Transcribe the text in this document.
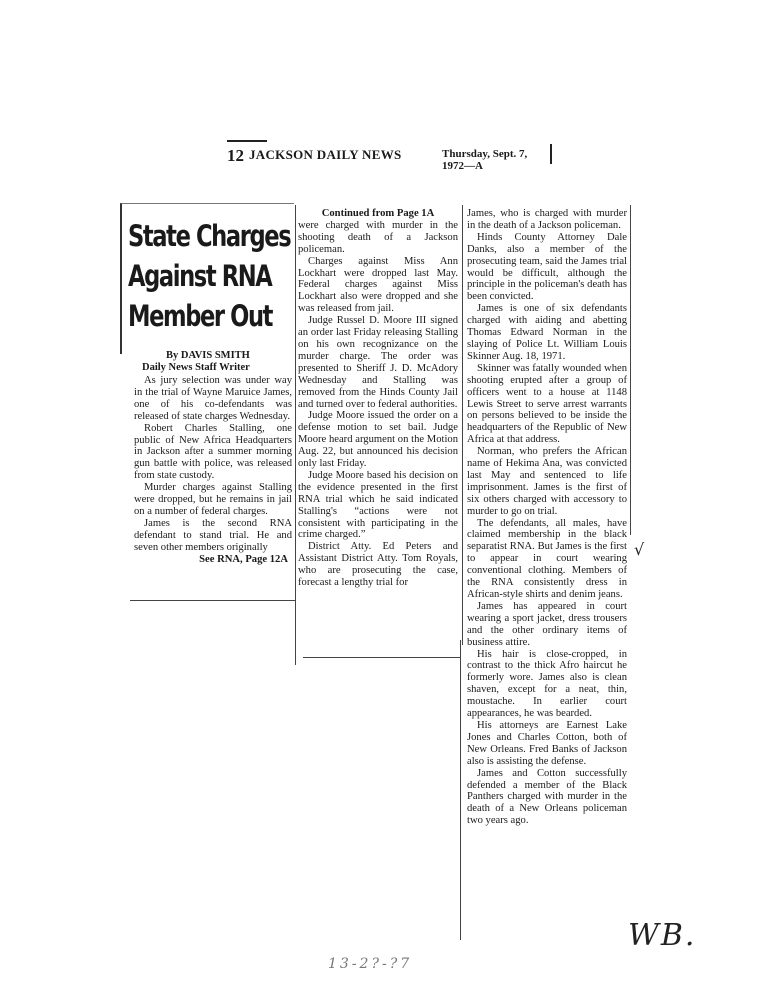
12 JACKSON DAILY NEWS	Thursday, Sept. 7, 1972—A
State Charges
Against RNA
Member Out
By DAVIS SMITH
Daily News Staff Writer

As jury selection was under way in the trial of Wayne Maruice James, one of his co-defendants was released of state charges Wednesday.

Robert Charles Stalling, one public of New Africa Headquarters in Jackson after a summer morning gun battle with police, was released from state custody.

Murder charges against Stalling were dropped, but he remains in jail on a number of federal charges.

James is the second RNA defendant to stand trial. He and seven other members originally

See RNA, Page 12A
Continued from Page 1A

were charged with murder in the shooting death of a Jackson policeman.

Charges against Miss Ann Lockhart were dropped last May. Federal charges against Miss Lockhart also were dropped and she was released from jail.

Judge Russel D. Moore III signed an order last Friday releasing Stalling on his own recognizance on the murder charge. The order was presented to Sheriff J. D. McAdory Wednesday and Stalling was removed from the Hinds County Jail and turned over to federal authorities.

Judge Moore issued the order on a defense motion to set bail. Judge Moore heard argument on the Motion Aug. 22, but announced his decision only last Friday.

Judge Moore based his decision on the evidence presented in the first RNA trial which he said indicated Stalling's “actions were not consistent with participating in the crime charged.”

District Atty. Ed Peters and Assistant District Atty. Tom Royals, who are prosecuting the case, forecast a lengthy trial for

James, who is charged with murder in the death of a Jackson policeman.

Hinds County Attorney Dale Danks, also a member of the prosecuting team, said the James trial would be difficult, although the principle in the policeman's death has been convicted.

James is one of six defendants charged with aiding and abetting Thomas Edward Norman in the slaying of Police Lt. William Louis Skinner Aug. 18, 1971.

Skinner was fatally wounded when shooting erupted after a group of officers went to a house at 1148 Lewis Street to serve arrest warrants on persons believed to be inside the headquarters of the Republic of New Africa at that address.

Norman, who prefers the African name of Hekima Ana, was convicted last May and sentenced to life imprisonment. James is the first of six others charged with accessory to murder to go on trial.

The defendants, all males, have claimed membership in the black separatist RNA. But James is the first to appear in court wearing conventional clothing. Members of the RNA consistently dress in African-style shirts and denim jeans.

James has appeared in court wearing a sport jacket, dress trousers and the other ordinary items of business attire.

His hair is close-cropped, in contrast to the thick Afro haircut he formerly wore. James also is clean shaven, except for a neat, thin, moustache. In earlier court appearances, he was bearded.

His attorneys are Earnest Lake Jones and Charles Cotton, both of New Orleans. Fred Banks of Jackson also is assisting the defense.

James and Cotton successfully defended a member of the Black Panthers charged with murder in the death of a New Orleans policeman two years ago.

√
WB.
13-2?-?7
